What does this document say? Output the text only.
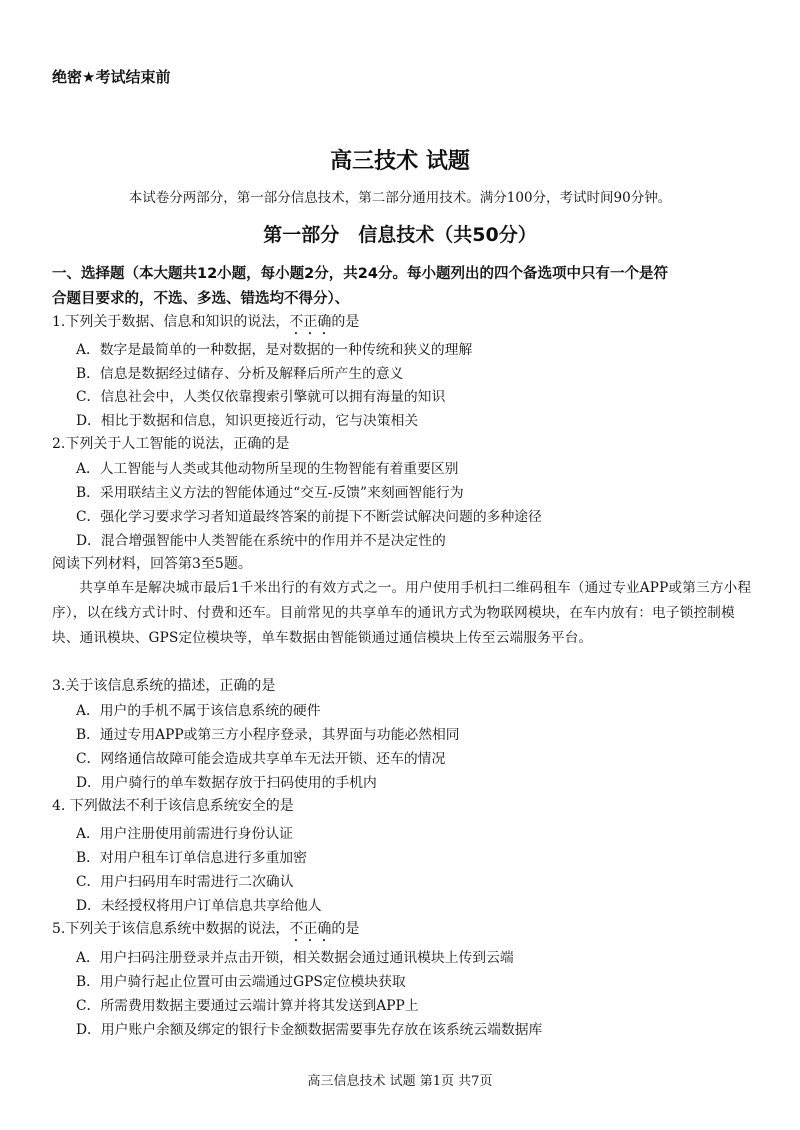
绝密★考试结束前
高三技术 试题
本试卷分两部分，第一部分信息技术，第二部分通用技术。满分100分，考试时间90分钟。
第一部分　信息技术（共50分）
一、选择题（本大题共12小题，每小题2分，共24分。每小题列出的四个备选项中只有一个是符
合题目要求的，不选、多选、错选均不得分）、
1.下列关于数据、信息和知识的说法，不正确的是
A．数字是最简单的一种数据，是对数据的一种传统和狭义的理解
B．信息是数据经过储存、分析及解释后所产生的意义
C．信息社会中，人类仅依靠搜索引擎就可以拥有海量的知识
D．相比于数据和信息，知识更接近行动，它与决策相关
2.下列关于人工智能的说法，正确的是
A．人工智能与人类或其他动物所呈现的生物智能有着重要区别
B．采用联结主义方法的智能体通过“交互-反馈”来刻画智能行为
C．强化学习要求学习者知道最终答案的前提下不断尝试解决问题的多种途径
D．混合增强智能中人类智能在系统中的作用并不是决定性的
阅读下列材料，回答第3至5题。
共享单车是解决城市最后1千米出行的有效方式之一。用户使用手机扫二维码租车（通过专业APP或第三方小程序），以在线方式计时、付费和还车。目前常见的共享单车的通讯方式为物联网模块，在车内放有：电子锁控制模块、通讯模块、GPS定位模块等，单车数据由智能锁通过通信模块上传至云端服务平台。
3.关于该信息系统的描述，正确的是
A．用户的手机不属于该信息系统的硬件
B．通过专用APP或第三方小程序登录，其界面与功能必然相同
C．网络通信故障可能会造成共享单车无法开锁、还车的情况
D．用户骑行的单车数据存放于扫码使用的手机内
4. 下列做法不利于该信息系统安全的是
A．用户注册使用前需进行身份认证
B．对用户租车订单信息进行多重加密
C．用户扫码用车时需进行二次确认
D．未经授权将用户订单信息共享给他人
5.下列关于该信息系统中数据的说法，不正确的是
A．用户扫码注册登录并点击开锁，相关数据会通过通讯模块上传到云端
B．用户骑行起止位置可由云端通过GPS定位模块获取
C．所需费用数据主要通过云端计算并将其发送到APP上
D．用户账户余额及绑定的银行卡金额数据需要事先存放在该系统云端数据库
高三信息技术 试题 第1页 共7页
